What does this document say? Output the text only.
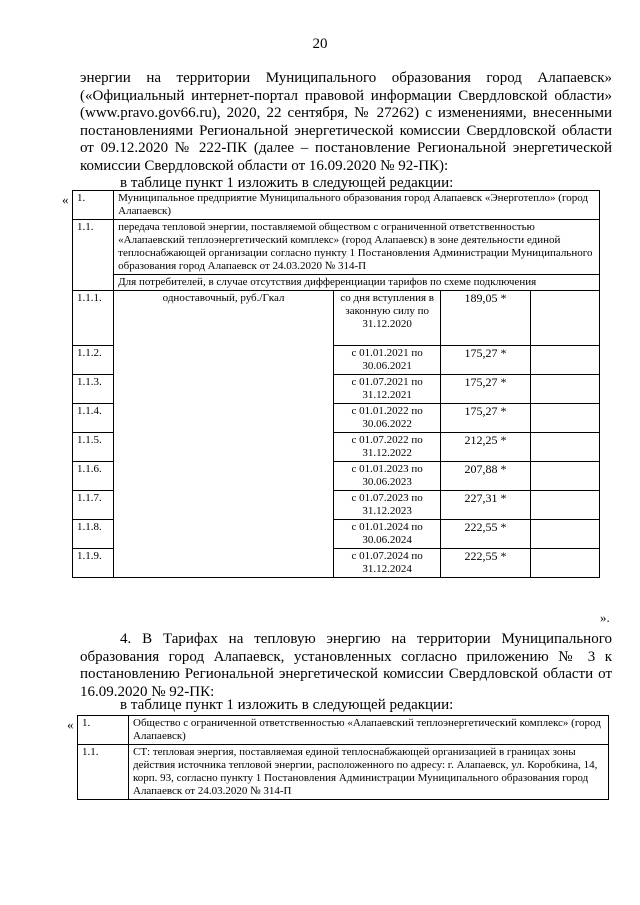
20
энергии на территории Муниципального образования город Алапаевск» («Официальный интернет-портал правовой информации Свердловской области» (www.pravo.gov66.ru), 2020, 22 сентября, № 27262) с изменениями, внесенными постановлениями Региональной энергетической комиссии Свердловской области от 09.12.2020 № 222-ПК (далее – постановление Региональной энергетической комиссии Свердловской области от 16.09.2020 № 92-ПК):
в таблице пункт 1 изложить в следующей редакции:
« 1.	Муниципальное предприятие Муниципального образования город Алапаевск «Энерготепло» (город Алапаевск)			
1.1.	передача тепловой энергии, поставляемой обществом с ограниченной ответственностью «Алапаевский теплоэнергетический комплекс» (город Алапаевск) в зоне деятельности единой теплоснабжающей организации согласно пункту 1 Постановления Администрации Муниципального образования город Алапаевск от 24.03.2020 № 314-П			
	Для потребителей, в случае отсутствия дифференциации тарифов по схеме подключения			
1.1.1.	одноставочный, руб./Гкал	со дня вступления в законную силу по 31.12.2020	189,05 *	
1.1.2.		с 01.01.2021 по 30.06.2021	175,27 *	
1.1.3.		с 01.07.2021 по 31.12.2021	175,27 *	
1.1.4.		с 01.01.2022 по 30.06.2022	175,27 *	
1.1.5.		с 01.07.2022 по 31.12.2022	212,25 *	
1.1.6.		с 01.01.2023 по 30.06.2023	207,88 *	
1.1.7.		с 01.07.2023 по 31.12.2023	227,31 *	
1.1.8.		с 01.01.2024 по 30.06.2024	222,55 *	
1.1.9.		с 01.07.2024 по 31.12.2024	222,55 *	
».
4. В Тарифах на тепловую энергию на территории Муниципального образования город Алапаевск, установленных согласно приложению № 3 к постановлению Региональной энергетической комиссии Свердловской области от 16.09.2020 № 92-ПК:
в таблице пункт 1 изложить в следующей редакции:
« 1.	Общество с ограниченной ответственностью «Алапаевский теплоэнергетический комплекс» (город Алапаевск)
1.1.	СТ: тепловая энергия, поставляемая единой теплоснабжающей организацией в границах зоны действия источника тепловой энергии, расположенного по адресу: г. Алапаевск, ул. Коробкина, 14, корп. 93, согласно пункту 1 Постановления Администрации Муниципального образования город Алапаевск от 24.03.2020 № 314-П
